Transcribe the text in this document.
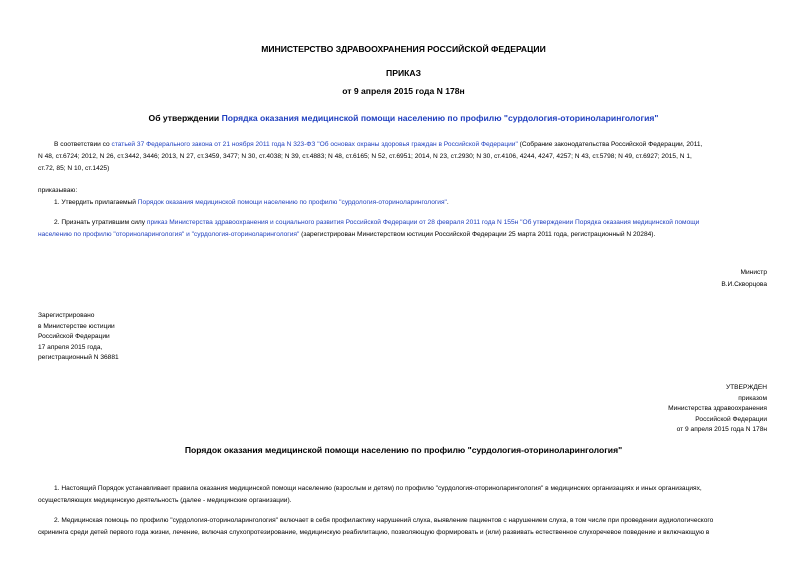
МИНИСТЕРСТВО ЗДРАВООХРАНЕНИЯ РОССИЙСКОЙ ФЕДЕРАЦИИ
ПРИКАЗ
от 9 апреля 2015 года N 178н
Об утверждении Порядка оказания медицинской помощи населению по профилю "сурдология-оториноларингология"
В соответствии со статьей 37 Федерального закона от 21 ноября 2011 года N 323-ФЗ "Об основах охраны здоровья граждан в Российской Федерации" (Собрание законодательства Российской Федерации, 2011,
N 48, ст.6724; 2012, N 26, ст.3442, 3446; 2013, N 27, ст.3459, 3477; N 30, ст.4038; N 39, ст.4883; N 48, ст.6165; N 52, ст.6951; 2014, N 23, ст.2930; N 30, ст.4106, 4244, 4247, 4257; N 43, ст.5798; N 49, ст.6927; 2015, N 1,
ст.72, 85; N 10, ст.1425)
приказываю:
1. Утвердить прилагаемый Порядок оказания медицинской помощи населению по профилю "сурдология-оториноларингология".
2. Признать утратившим силу приказ Министерства здравоохранения и социального развития Российской Федерации от 28 февраля 2011 года N 155н "Об утверждении Порядка оказания медицинской помощи
населению по профилю "оториноларингология" и "сурдология-оториноларингология" (зарегистрирован Министерством юстиции Российской Федерации 25 марта 2011 года, регистрационный N 20284).
Министр
В.И.Скворцова
Зарегистрировано
в Министерстве юстиции
Российской Федерации
17 апреля 2015 года,
регистрационный N 36881
УТВЕРЖДЕН
приказом
Министерства здравоохранения
Российской Федерации
от 9 апреля 2015 года N 178н
Порядок оказания медицинской помощи населению по профилю "сурдология-оториноларингология"
1. Настоящий Порядок устанавливает правила оказания медицинской помощи населению (взрослым и детям) по профилю "сурдология-оториноларингология" в медицинских организациях и иных организациях,
осуществляющих медицинскую деятельность (далее - медицинские организации).
2. Медицинская помощь по профилю "сурдология-оториноларингология" включает в себя профилактику нарушений слуха, выявление пациентов с нарушением слуха, в том числе при проведении аудиологического
скрининга среди детей первого года жизни, лечение, включая слухопротезирование, медицинскую реабилитацию, позволяющую формировать и (или) развивать естественное слухоречевое поведение и включающую в
